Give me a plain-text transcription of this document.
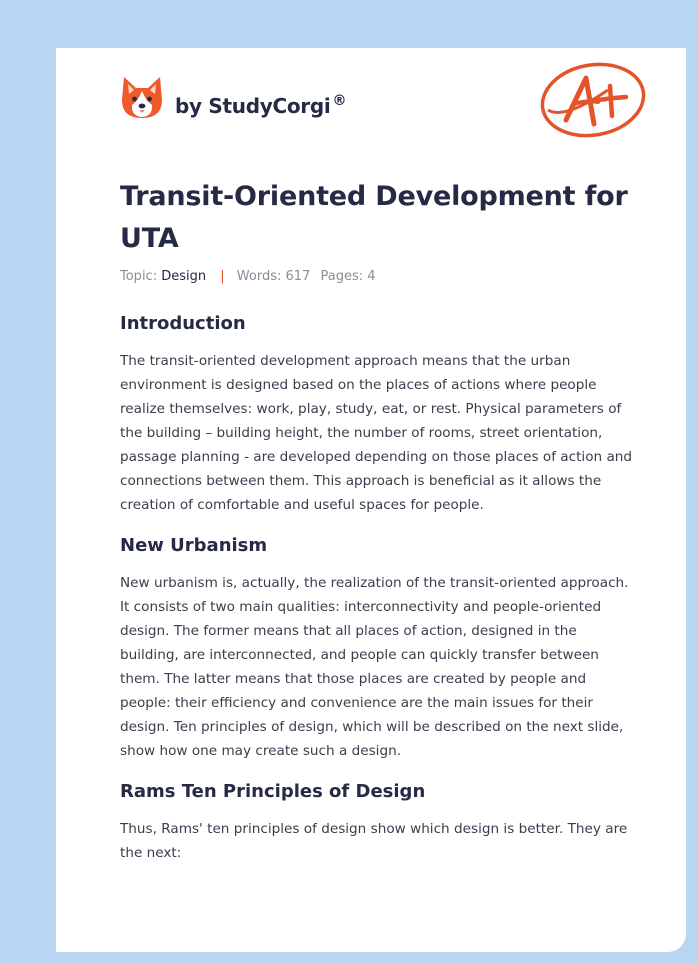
by StudyCorgi ®
Transit-Oriented Development for UTA
Topic: Design | Words: 617 Pages: 4
Introduction

The transit-oriented development approach means that the urban environment is designed based on the places of actions where people realize themselves: work, play, study, eat, or rest. Physical parameters of the building – building height, the number of rooms, street orientation, passage planning - are developed depending on those places of action and connections between them. This approach is beneficial as it allows the creation of comfortable and useful spaces for people.

New Urbanism

New urbanism is, actually, the realization of the transit-oriented approach. It consists of two main qualities: interconnectivity and people-oriented design. The former means that all places of action, designed in the building, are interconnected, and people can quickly transfer between them. The latter means that those places are created by people and people: their efficiency and convenience are the main issues for their design. Ten principles of design, which will be described on the next slide, show how one may create such a design.

Rams Ten Principles of Design

Thus, Rams' ten principles of design show which design is better. They are the next:
